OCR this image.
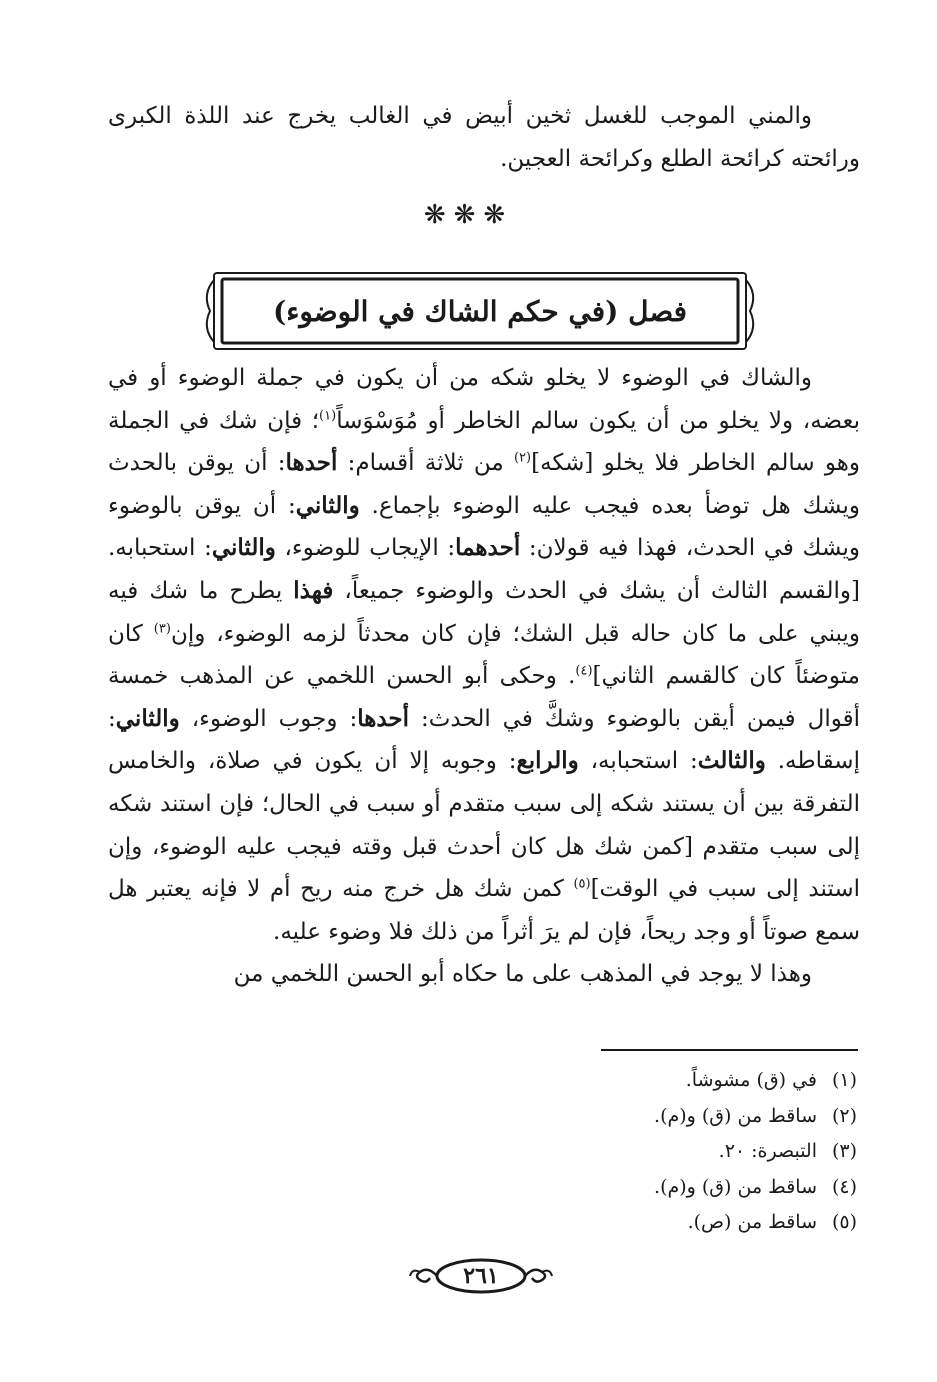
والمني الموجب للغسل ثخين أبيض في الغالب يخرج عند اللذة الكبرى ورائحته كرائحة الطلع وكرائحة العجين.

❋❋❋
فصل (في حكم الشاك في الوضوء)

والشاك في الوضوء لا يخلو شكه من أن يكون في جملة الوضوء أو في بعضه، ولا يخلو من أن يكون سالم الخاطر أو مُوَسْوَساً$^{(١)}$؛ فإن شك في الجملة وهو سالم الخاطر فلا يخلو [شكه]$^{(٢)}$ من ثلاثة أقسام: أحدها: أن يوقن بالحدث ويشك هل توضأ بعده فيجب عليه الوضوء بإجماع. والثاني: أن يوقن بالوضوء ويشك في الحدث، فهذا فيه قولان: أحدهما: الإيجاب للوضوء، والثاني: استحبابه. [والقسم الثالث أن يشك في الحدث والوضوء جميعاً، فهذا يطرح ما شك فيه ويبني على ما كان حاله قبل الشك؛ فإن كان محدثاً لزمه الوضوء، وإن$^{(٣)}$ كان متوضئاً كان كالقسم الثاني]$^{(٤)}$. وحكى أبو الحسن اللخمي عن المذهب خمسة أقوال فيمن أيقن بالوضوء وشكَّ في الحدث: أحدها: وجوب الوضوء، والثاني: إسقاطه. والثالث: استحبابه، والرابع: وجوبه إلا أن يكون في صلاة، والخامس التفرقة بين أن يستند شكه إلى سبب متقدم أو سبب في الحال؛ فإن استند شكه إلى سبب متقدم [كمن شك هل كان أحدث قبل وقته فيجب عليه الوضوء، وإن استند إلى سبب في الوقت]$^{(٥)}$ كمن شك هل خرج منه ريح أم لا فإنه يعتبر هل سمع صوتاً أو وجد ريحاً، فإن لم يرَ أثراً من ذلك فلا وضوء عليه.

وهذا لا يوجد في المذهب على ما حكاه أبو الحسن اللخمي من

(١)في (ق) مشوشاً.
(٢)ساقط من (ق) و(م).
(٣)التبصرة: ٢٠.
(٤)ساقط من (ق) و(م).
(٥)ساقط من (ص).
٢٦١
